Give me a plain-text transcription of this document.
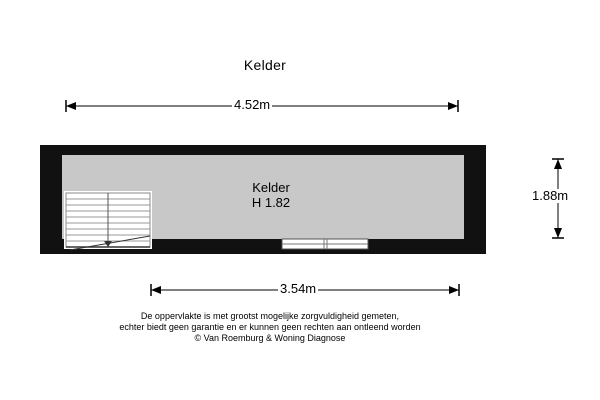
Kelder
4.52m
1.88m
3.54m
Kelder
H 1.82
De oppervlakte is met grootst mogelijke zorgvuldigheid gemeten,
echter biedt geen garantie en er kunnen geen rechten aan ontleend worden
© Van Roemburg & Woning Diagnose
